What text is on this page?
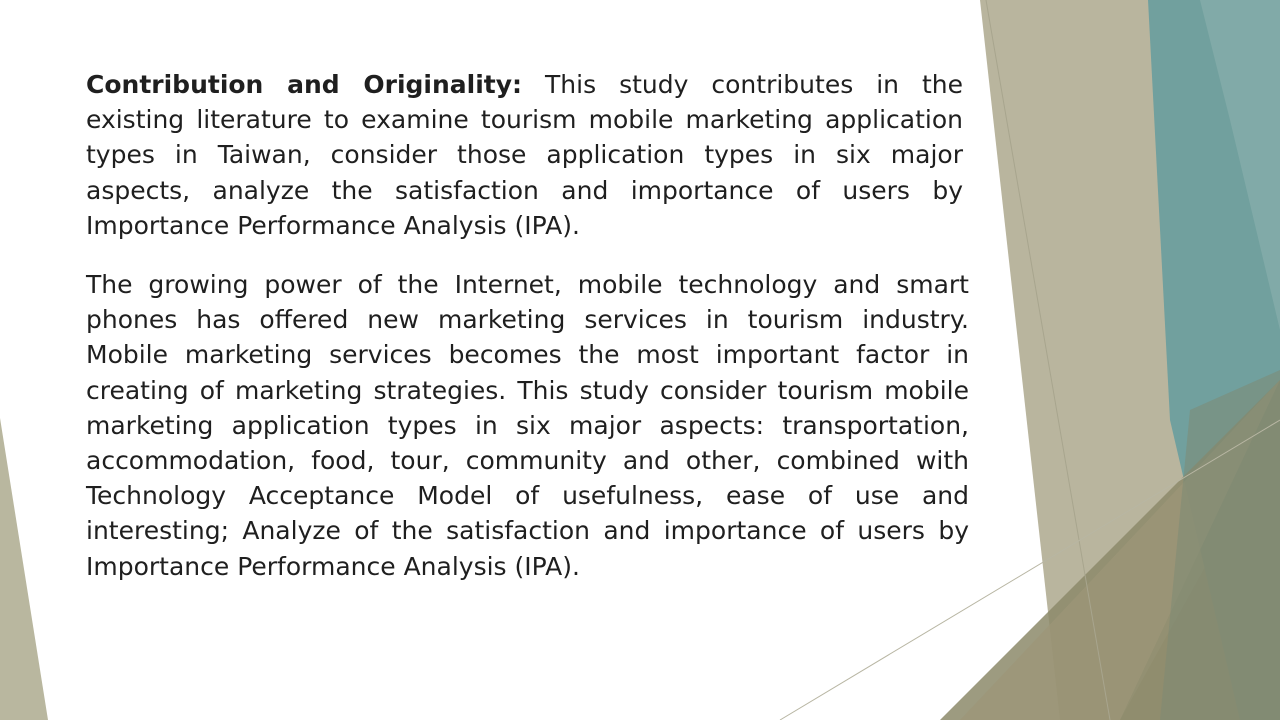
Contribution and Originality: This study contributes in the existing literature to examine tourism mobile marketing application types in Taiwan, consider those application types in six major aspects, analyze the satisfaction and importance of users by Importance Performance Analysis (IPA).

The growing power of the Internet, mobile technology and smart phones has offered new marketing services in tourism industry. Mobile marketing services becomes the most important factor in creating of marketing strategies. This study consider tourism mobile marketing application types in six major aspects: transportation, accommodation, food, tour, community and other, combined with Technology Acceptance Model of usefulness, ease of use and interesting; Analyze of the satisfaction and importance of users by Importance Performance Analysis (IPA).
